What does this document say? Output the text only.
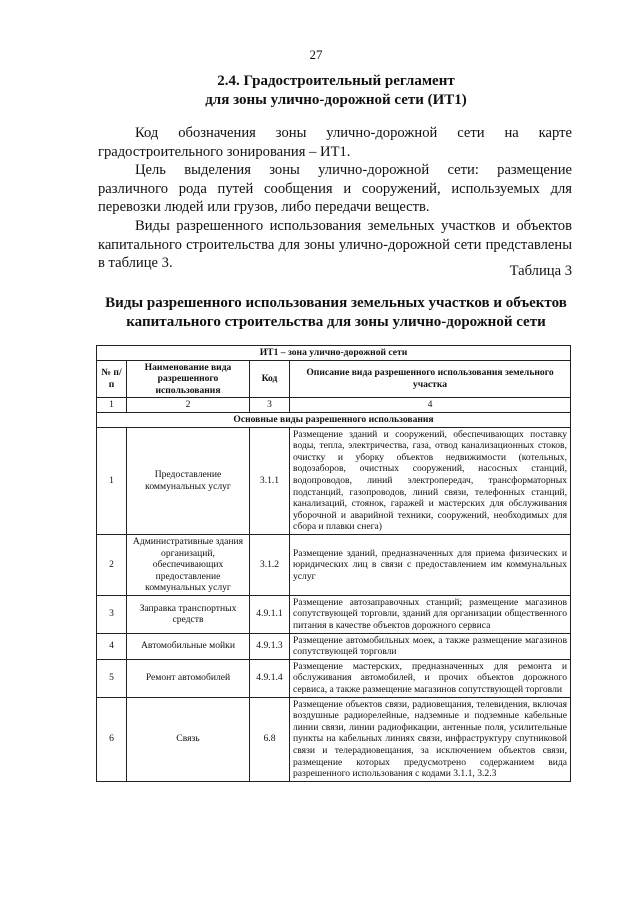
27
2.4. Градостроительный регламент
для зоны улично-дорожной сети (ИТ1)
Код обозначения зоны улично-дорожной сети на карте градостроительного зонирования – ИТ1.
Цель выделения зоны улично-дорожной сети: размещение различного рода путей сообщения и сооружений, используемых для перевозки людей или грузов, либо передачи веществ.
Виды разрешенного использования земельных участков и объектов капитального строительства для зоны улично-дорожной сети представлены в таблице 3.	Таблица 3
Виды разрешенного использования земельных участков и объектов
капитального строительства для зоны улично-дорожной сети
ИТ1 – зона улично-дорожной сети			
№ п/п	Наименование вида разрешенного использования	Код	Описание вида разрешенного использования земельного участка
1	2	3	4
Основные виды разрешенного использования			
1	Предоставление коммунальных услуг	3.1.1	Размещение зданий и сооружений, обеспечивающих поставку воды, тепла, электричества, газа, отвод канализационных стоков, очистку и уборку объектов недвижимости (котельных, водозаборов, очистных сооружений, насосных станций, водопроводов, линий электропередач, трансформаторных подстанций, газопроводов, линий связи, телефонных станций, канализаций, стоянок, гаражей и мастерских для обслуживания уборочной и аварийной техники, сооружений, необходимых для сбора и плавки снега)
2	Административные здания организаций, обеспечивающих предоставление коммунальных услуг	3.1.2	Размещение зданий, предназначенных для приема физических и юридических лиц в связи с предоставлением им коммунальных услуг
3	Заправка транспортных средств	4.9.1.1	Размещение автозаправочных станций; размещение магазинов сопутствующей торговли, зданий для организации общественного питания в качестве объектов дорожного сервиса
4	Автомобильные мойки	4.9.1.3	Размещение автомобильных моек, а также размещение магазинов сопутствующей торговли
5	Ремонт автомобилей	4.9.1.4	Размещение мастерских, предназначенных для ремонта и обслуживания автомобилей, и прочих объектов дорожного сервиса, а также размещение магазинов сопутствующей торговли
6	Связь	6.8	Размещение объектов связи, радиовещания, телевидения, включая воздушные радиорелейные, надземные и подземные кабельные линии связи, линии радиофикации, антенные поля, усилительные пункты на кабельных линиях связи, инфраструктуру спутниковой связи и телерадиовещания, за исключением объектов связи, размещение которых предусмотрено содержанием вида разрешенного использования с кодами 3.1.1, 3.2.3
